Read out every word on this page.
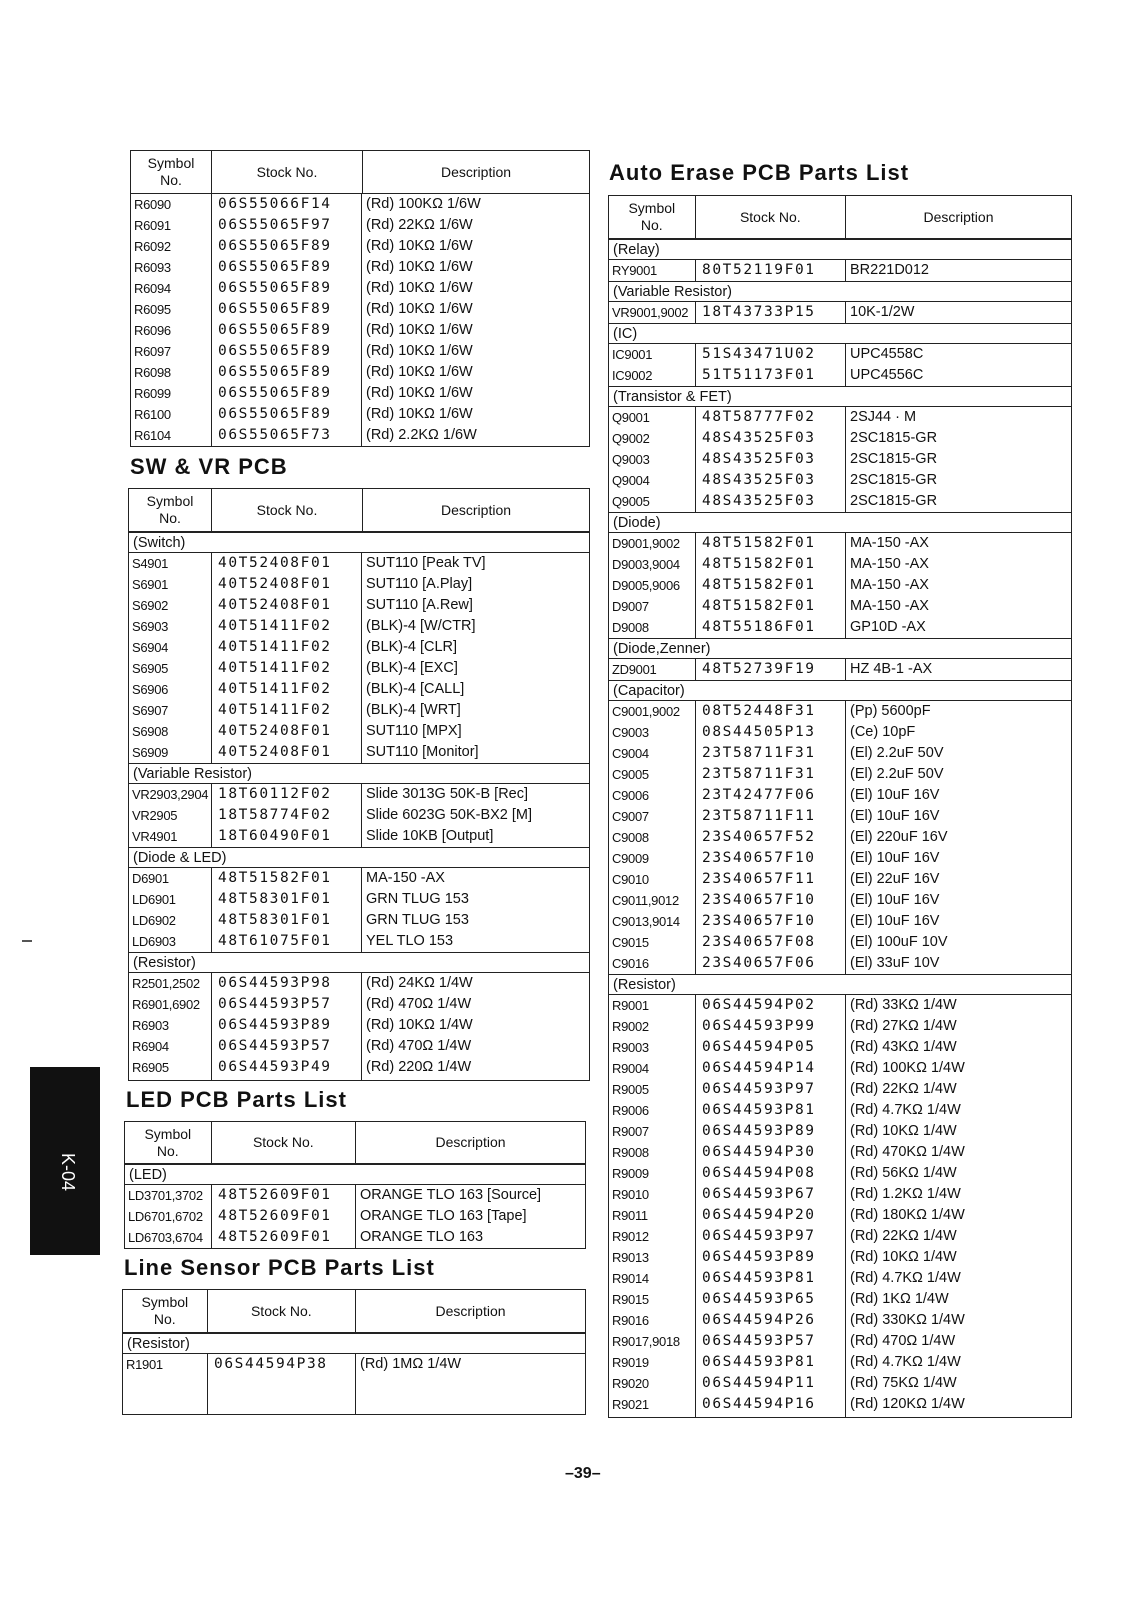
K-04
Symbol
No.
Stock No.	Description
R6090	06S55066F14	(Rd) 100KΩ 1/6W
R6091	06S55065F97	(Rd) 22KΩ 1/6W
R6092	06S55065F89	(Rd) 10KΩ 1/6W
R6093	06S55065F89	(Rd) 10KΩ 1/6W
R6094	06S55065F89	(Rd) 10KΩ 1/6W
R6095	06S55065F89	(Rd) 10KΩ 1/6W
R6096	06S55065F89	(Rd) 10KΩ 1/6W
R6097	06S55065F89	(Rd) 10KΩ 1/6W
R6098	06S55065F89	(Rd) 10KΩ 1/6W
R6099	06S55065F89	(Rd) 10KΩ 1/6W
R6100	06S55065F89	(Rd) 10KΩ 1/6W
R6104	06S55065F73	(Rd) 2.2KΩ 1/6W
SW & VR PCB
Symbol
No.
Stock No.	Description
(Switch)
S4901	40T52408F01	SUT110 [Peak TV]
S6901	40T52408F01	SUT110 [A.Play]
S6902	40T52408F01	SUT110 [A.Rew]
S6903	40T51411F02	(BLK)-4 [W/CTR]
S6904	40T51411F02	(BLK)-4 [CLR]
S6905	40T51411F02	(BLK)-4 [EXC]
S6906	40T51411F02	(BLK)-4 [CALL]
S6907	40T51411F02	(BLK)-4 [WRT]
S6908	40T52408F01	SUT110 [MPX]
S6909	40T52408F01	SUT110 [Monitor]
(Variable Resistor)
VR2903,2904 18T60112F02	Slide 3013G 50K-B [Rec]
VR2905	18T58774F02	Slide 6023G 50K-BX2 [M]
VR4901	18T60490F01	Slide 10KB [Output]
(Diode & LED)
D6901	48T51582F01	MA-150 -AX
LD6901	48T58301F01	GRN TLUG 153
LD6902	48T58301F01	GRN TLUG 153
LD6903	48T61075F01	YEL TLO 153
(Resistor)
R2501,2502	06S44593P98	(Rd) 24KΩ 1/4W
R6901,6902	06S44593P57	(Rd) 470Ω 1/4W
R6903	06S44593P89	(Rd) 10KΩ 1/4W
R6904	06S44593P57	(Rd) 470Ω 1/4W
R6905	06S44593P49	(Rd) 220Ω 1/4W
LED PCB Parts List
Symbol
No.
Stock No.	Description
(LED)
LD3701,3702	48T52609F01	ORANGE TLO 163 [Source]
LD6701,6702	48T52609F01	ORANGE TLO 163 [Tape]
LD6703,6704	48T52609F01	ORANGE TLO 163
Line Sensor PCB Parts List
Symbol
No.
Stock No.	Description
(Resistor)
R1901	06S44594P38	(Rd) 1MΩ 1/4W
Auto Erase PCB Parts List
Symbol
No.
Stock No.	Description
(Relay)
RY9001	80T52119F01	BR221D012
(Variable Resistor)
VR9001,9002 18T43733P15	10K-1/2W
(IC)
IC9001	51S43471U02	UPC4558C
IC9002	51T51173F01	UPC4556C
(Transistor & FET)
Q9001	48T58777F02	2SJ44 · M
Q9002	48S43525F03	2SC1815-GR
Q9003	48S43525F03	2SC1815-GR
Q9004	48S43525F03	2SC1815-GR
Q9005	48S43525F03	2SC1815-GR
(Diode)
D9001,9002	48T51582F01	MA-150 -AX
D9003,9004	48T51582F01	MA-150 -AX
D9005,9006	48T51582F01	MA-150 -AX
D9007	48T51582F01	MA-150 -AX
D9008	48T55186F01	GP10D -AX
(Diode,Zenner)
ZD9001	48T52739F19	HZ 4B-1 -AX
(Capacitor)
C9001,9002	08T52448F31	(Pp) 5600pF
C9003	08S44505P13	(Ce) 10pF
C9004	23T58711F31	(El) 2.2uF 50V
C9005	23T58711F31	(El) 2.2uF 50V
C9006	23T42477F06	(El) 10uF 16V
C9007	23T58711F11	(El) 10uF 16V
C9008	23S40657F52	(El) 220uF 16V
C9009	23S40657F10	(El) 10uF 16V
C9010	23S40657F11	(El) 22uF 16V
C9011,9012	23S40657F10	(El) 10uF 16V
C9013,9014	23S40657F10	(El) 10uF 16V
C9015	23S40657F08	(El) 100uF 10V
C9016	23S40657F06	(El) 33uF 10V
(Resistor)
R9001	06S44594P02	(Rd) 33KΩ 1/4W
R9002	06S44593P99	(Rd) 27KΩ 1/4W
R9003	06S44594P05	(Rd) 43KΩ 1/4W
R9004	06S44594P14	(Rd) 100KΩ 1/4W
R9005	06S44593P97	(Rd) 22KΩ 1/4W
R9006	06S44593P81	(Rd) 4.7KΩ 1/4W
R9007	06S44593P89	(Rd) 10KΩ 1/4W
R9008	06S44594P30	(Rd) 470KΩ 1/4W
R9009	06S44594P08	(Rd) 56KΩ 1/4W
R9010	06S44593P67	(Rd) 1.2KΩ 1/4W
R9011	06S44594P20	(Rd) 180KΩ 1/4W
R9012	06S44593P97	(Rd) 22KΩ 1/4W
R9013	06S44593P89	(Rd) 10KΩ 1/4W
R9014	06S44593P81	(Rd) 4.7KΩ 1/4W
R9015	06S44593P65	(Rd) 1KΩ 1/4W
R9016	06S44594P26	(Rd) 330KΩ 1/4W
R9017,9018	06S44593P57	(Rd) 470Ω 1/4W
R9019	06S44593P81	(Rd) 4.7KΩ 1/4W
R9020	06S44594P11	(Rd) 75KΩ 1/4W
R9021	06S44594P16	(Rd) 120KΩ 1/4W
–39–
